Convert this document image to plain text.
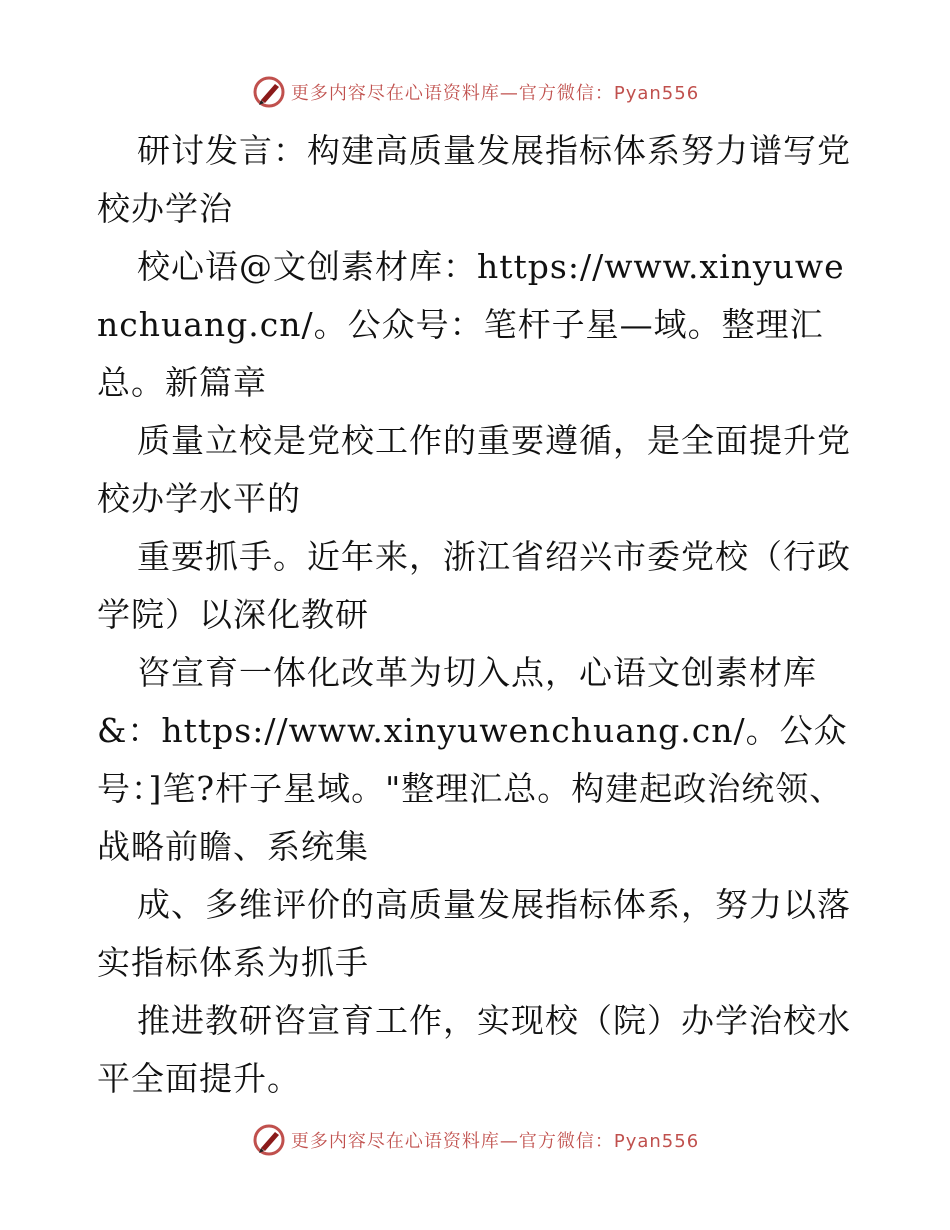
更多内容尽在心语资料库—官方微信：Pyan556

研讨发言：构建高质量发展指标体系努力谱写党校办学治

校心语@文创素材库：https://www.xinyuwenchuang.cn/。公众号：笔杆子星—域。整理汇总。新篇章

质量立校是党校工作的重要遵循，是全面提升党校办学水平的

重要抓手。近年来，浙江省绍兴市委党校（行政学院）以深化教研

咨宣育一体化改革为切入点，心语文创素材库&：https://www.xinyuwenchuang.cn/。公众号：]笔?杆子星域。"整理汇总。构建起政治统领、战略前瞻、系统集

成、多维评价的高质量发展指标体系，努力以落实指标体系为抓手

推进教研咨宣育工作，实现校（院）办学治校水平全面提升。

更多内容尽在心语资料库—官方微信：Pyan556
